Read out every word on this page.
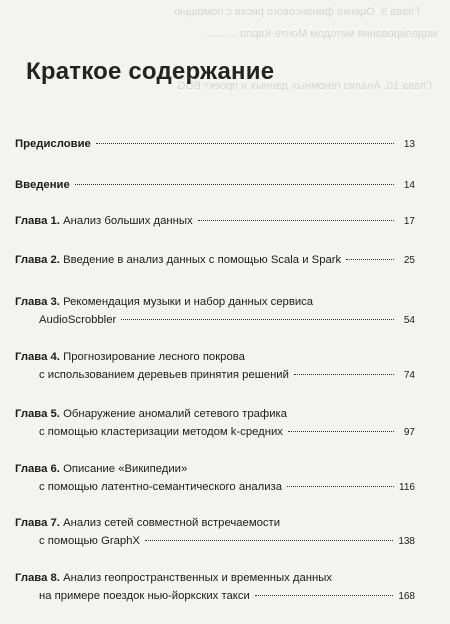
Глава 9. Оценка финансового риска с помощью
моделирования методом Монте-Карло ..........
Глава 10. Анализ геномных данных и проект BDG
Краткое содержание
Предисловие	13
Введение	14
Глава 1. Анализ больших данных	17
Глава 2. Введение в анализ данных с помощью Scala и Spark	25
Глава 3. Рекомендация музыки и набор данных сервиса
AudioScrobbler	54
Глава 4. Прогнозирование лесного покрова
с использованием деревьев принятия решений	74
Глава 5. Обнаружение аномалий сетевого трафика
с помощью кластеризации методом k-средних	97
Глава 6. Описание «Википедии»
с помощью латентно-семантического анализа	116
Глава 7. Анализ сетей совместной встречаемости
с помощью GraphX	138
Глава 8. Анализ геопространственных и временных данных
на примере поездок нью-йоркских такси	168
